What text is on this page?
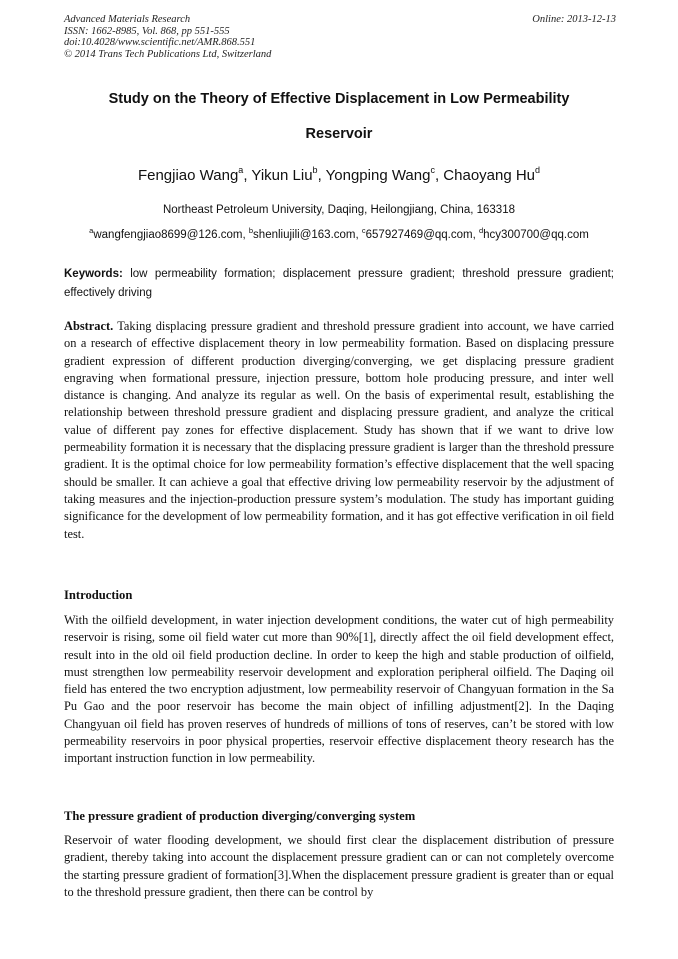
Advanced Materials Research
ISSN: 1662-8985, Vol. 868, pp 551-555
doi:10.4028/www.scientific.net/AMR.868.551
© 2014 Trans Tech Publications Ltd, Switzerland
Online: 2013-12-13
Study on the Theory of Effective Displacement in Low Permeability
Reservoir
Fengjiao Wang$^a$, Yikun Liu$^b$, Yongping Wang$^c$, Chaoyang Hu$^d$
Northeast Petroleum University, Daqing, Heilongjiang, China, 163318
$^a$wangfengjiao8699@126.com, $^b$shenliujili@163.com, $^c$657927469@qq.com, $^d$hcy300700@qq.com
Keywords: low permeability formation; displacement pressure gradient; threshold pressure gradient; effectively driving
Abstract. Taking displacing pressure gradient and threshold pressure gradient into account, we have carried on a research of effective displacement theory in low permeability formation. Based on displacing pressure gradient expression of different production diverging/converging, we get displacing pressure gradient engraving when formational pressure, injection pressure, bottom hole producing pressure, and inter well distance is changing. And analyze its regular as well. On the basis of experimental result, establishing the relationship between threshold pressure gradient and displacing pressure gradient, and analyze the critical value of different pay zones for effective displacement. Study has shown that if we want to drive low permeability formation it is necessary that the displacing pressure gradient is larger than the threshold pressure gradient. It is the optimal choice for low permeability formation’s effective displacement that the well spacing should be smaller. It can achieve a goal that effective driving low permeability reservoir by the adjustment of taking measures and the injection-production pressure system’s modulation. The study has important guiding significance for the development of low permeability formation, and it has got effective verification in oil field test.
Introduction
With the oilfield development, in water injection development conditions, the water cut of high permeability reservoir is rising, some oil field water cut more than 90%[1], directly affect the oil field development effect, result into in the old oil field production decline. In order to keep the high and stable production of oilfield, must strengthen low permeability reservoir development and exploration peripheral oilfield. The Daqing oil field has entered the two encryption adjustment, low permeability reservoir of Changyuan formation in the Sa Pu Gao and the poor reservoir has become the main object of infilling adjustment[2]. In the Daqing Changyuan oil field has proven reserves of hundreds of millions of tons of reserves, can’t be stored with low permeability reservoirs in poor physical properties, reservoir effective displacement theory research has the important instruction function in low permeability.
The pressure gradient of production diverging/converging system
Reservoir of water flooding development, we should first clear the displacement distribution of pressure gradient, thereby taking into account the displacement pressure gradient can or can not completely overcome the starting pressure gradient of formation[3].When the displacement pressure gradient is greater than or equal to the threshold pressure gradient, then there can be control by
